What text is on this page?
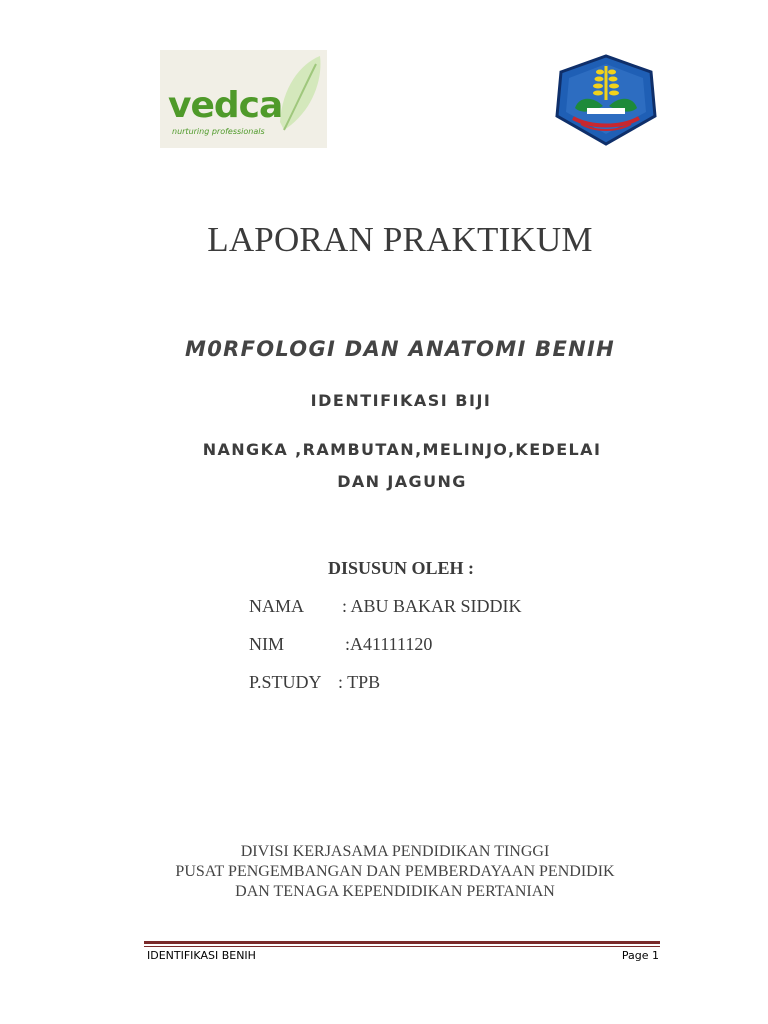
vedca
nurturing professionals
LAPORAN PRAKTIKUM
M0RFOLOGI DAN ANATOMI BENIH
IDENTIFIKASI BIJI
NANGKA ,RAMBUTAN,MELINJO,KEDELAI
DAN JAGUNG
DISUSUN OLEH :
NAMA : ABU BAKAR SIDDIK
NIM	:A41111120
P.STUDY : TPB
DIVISI KERJASAMA PENDIDIKAN TINGGI
PUSAT PENGEMBANGAN DAN PEMBERDAYAAN PENDIDIK
DAN TENAGA KEPENDIDIKAN PERTANIAN
IDENTIFIKASI BENIH	Page 1
